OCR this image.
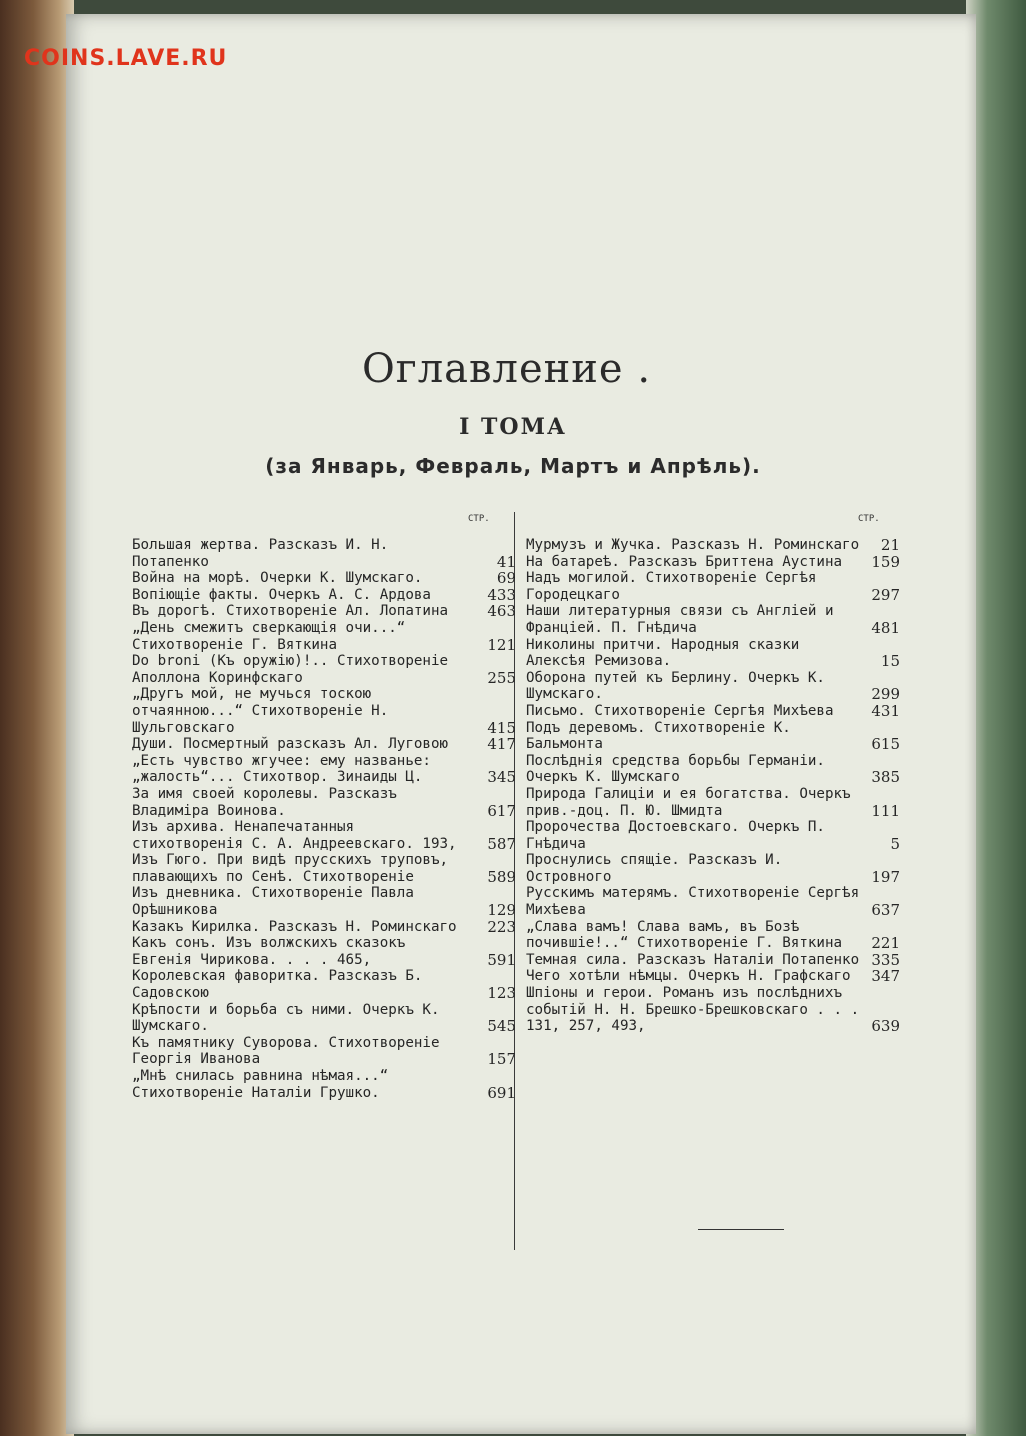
COINS.LAVE.RU
Оглавление .
I ТОМА
(за Январь, Февраль, Мартъ и Апрѣль).
СТР.	СТР.
Большая жертва. Разсказъ И. Н. Потапенко	41
Война на морѣ. Очерки К. Шумскаго.	69
Вопіющіе факты. Очеркъ А. С. Ардова	433
Въ дорогѣ. Стихотвореніе Ал. Лопатина	463
„День смежитъ сверкающія очи...“ Стихотвореніе Г. Вяткина	121
Do broni (Къ оружію)!.. Стихотвореніе Аполлона Коринфскаго	255
„Другъ мой, не мучься тоскою отчаянною...“ Стихотвореніе Н. Шульговскаго	415
Души. Посмертный разсказъ Ал. Луговою	417
„Есть чувство жгучее: ему названье: „жалость“... Стихотвор. Зинаиды Ц.	345
За имя своей королевы. Разсказъ Владиміра Воинова.	617
Изъ архива. Ненапечатанныя стихотворенія С. А. Андреевскаго. 193,	587
Изъ Гюго. При видѣ прусскихъ труповъ, плавающихъ по Сенѣ. Стихотвореніе	589
Изъ дневника. Стихотвореніе Павла Орѣшникова	129
Казакъ Кирилка. Разсказъ Н. Роминскаго	223
Какъ сонъ. Изъ волжскихъ сказокъ Евгенія Чирикова. . . . 465,	591
Королевская фаворитка. Разсказъ Б. Садовскою	123
Крѣпости и борьба съ ними. Очеркъ К. Шумскаго.	545
Къ памятнику Суворова. Стихотвореніе Георгія Иванова	157
„Мнѣ снилась равнина нѣмая...“ Стихотвореніе Наталіи Грушко.	691
Мурмузъ и Жучка. Разсказъ Н. Роминскаго 21
На батареѣ. Разсказъ Бриттена Аустина	159
Надъ могилой. Стихотвореніе Сергѣя Городецкаго	297
Наши литературныя связи съ Англіей и Франціей. П. Гнѣдича	481
Николины притчи. Народныя сказки Алексѣя Ремизова.	15
Оборона путей къ Берлину. Очеркъ К. Шумскаго.	299
Письмо. Стихотвореніе Сергѣя Михѣева	431
Подъ деревомъ. Стихотвореніе К. Бальмонта	615
Послѣднія средства борьбы Германіи. Очеркъ К. Шумскаго	385
Природа Галиціи и ея богатства. Очеркъ прив.-доц. П. Ю. Шмидта	111
Пророчества Достоевскаго. Очеркъ П. Гнѣдича	5
Проснулись спящіе. Разсказъ И. Островного	197
Русскимъ матерямъ. Стихотвореніе Сергѣя Михѣева	637
„Слава вамъ! Слава вамъ, въ Бозѣ почившіе!..“ Стихотвореніе Г. Вяткина	221
Темная сила. Разсказъ Наталіи Потапенко 335
Чего хотѣли нѣмцы. Очеркъ Н. Графскаго	347
Шпіоны и герои. Романъ изъ послѣднихъ событій Н. Н. Брешко-Брешковскаго . . . 131, 257, 493,	639
